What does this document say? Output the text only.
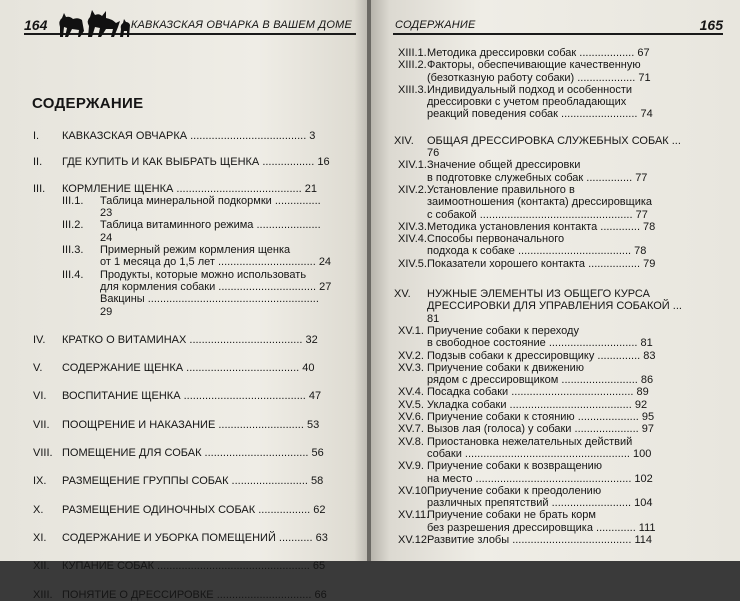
164	КАВКАЗСКАЯ ОВЧАРКА В ВАШЕМ ДОМЕ
СОДЕРЖАНИЕ
I. КАВКАЗСКАЯ ОВЧАРКА ...................................... 3
II. ГДЕ КУПИТЬ И КАК ВЫБРАТЬ ЩЕНКА ................. 16
III. КОРМЛЕНИЕ ЩЕНКА ......................................... 21
III.1. Таблица минеральной подкормки ............... 23
III.2. Таблица витаминного режима ..................... 24
III.3. Примерный режим кормления щенка
от 1 месяца до 1,5 лет ................................ 24
III.4. Продукты, которые можно использовать
для кормления собаки ................................ 27
Вакцины ........................................................ 29
IV. КРАТКО О ВИТАМИНАХ ..................................... 32
V. СОДЕРЖАНИЕ ЩЕНКА ..................................... 40
VI. ВОСПИТАНИЕ ЩЕНКА ........................................ 47
VII. ПООЩРЕНИЕ И НАКАЗАНИЕ ............................ 53
VIII. ПОМЕЩЕНИЕ ДЛЯ СОБАК .................................. 56
IX. РАЗМЕЩЕНИЕ ГРУППЫ СОБАК ......................... 58
X. РАЗМЕЩЕНИЕ ОДИНОЧНЫХ СОБАК ................. 62
XI. СОДЕРЖАНИЕ И УБОРКА ПОМЕЩЕНИЙ ........... 63
XII. КУПАНИЕ СОБАК .................................................. 65
XIII. ПОНЯТИЕ О ДРЕССИРОВКЕ ............................... 66
СОДЕРЖАНИЕ	165
XIII.1. Методика дрессировки собак .................. 67
XIII.2. Факторы, обеспечивающие качественную
(безотказную работу собаки) ................... 71
XIII.3. Индивидуальный подход и особенности
дрессировки с учетом преобладающих
реакций поведения собак ......................... 74
XIV. ОБЩАЯ ДРЕССИРОВКА СЛУЖЕБНЫХ СОБАК ... 76
XIV.1. Значение общей дрессировки
в подготовке служебных собак ............... 77
XIV.2. Установление правильного в
заимоотношения (контакта) дрессировщика
с собакой .................................................. 77
XIV.3. Методика установления контакта ............. 78
XIV.4. Способы первоначального
подхода к собаке ..................................... 78
XIV.5. Показатели хорошего контакта ................. 79
XV. НУЖНЫЕ ЭЛЕМЕНТЫ ИЗ ОБЩЕГО КУРСА
ДРЕССИРОВКИ ДЛЯ УПРАВЛЕНИЯ СОБАКОЙ ... 81
XV.1. Приучение собаки к переходу
в свободное состояние ............................. 81
XV.2. Подзыв собаки к дрессировщику .............. 83
XV.3. Приучение собаки к движению
рядом с дрессировщиком ......................... 86
XV.4. Посадка собаки ........................................ 89
XV.5. Укладка собаки ........................................ 92
XV.6. Приучение собаки к стоянию .................... 95
XV.7. Вызов лая (голоса) у собаки ..................... 97
XV.8. Приостановка нежелательных действий
собаки ...................................................... 100
XV.9. Приучение собаки к возвращению
на место ................................................... 102
XV.10.
Приучение собаки к преодолению
различных препятствий .......................... 104
XV.11.
Приучение собаки не брать корм
без разрешения дрессировщика ............. 111
XV.12.
Развитие злобы ....................................... 114
